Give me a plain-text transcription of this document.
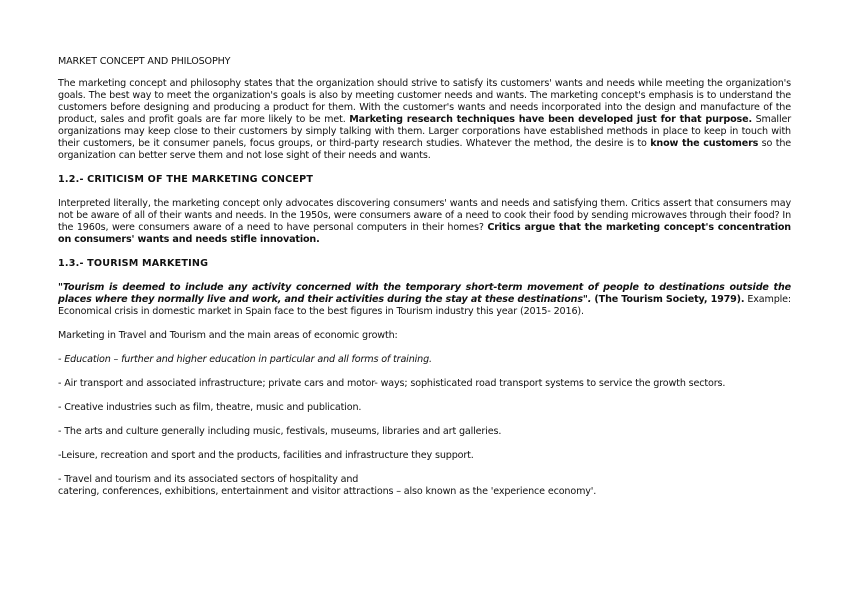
MARKET CONCEPT AND PHILOSOPHY

The marketing concept and philosophy states that the organization should strive to satisfy its customers' wants and needs while meeting the organization's goals. The best way to meet the organization's goals is also by meeting customer needs and wants. The marketing concept's emphasis is to understand the customers before designing and producing a product for them. With the customer's wants and needs incorporated into the design and manufacture of the product, sales and profit goals are far more likely to be met. Marketing research techniques have been developed just for that purpose. Smaller organizations may keep close to their customers by simply talking with them. Larger corporations have established methods in place to keep in touch with their customers, be it consumer panels, focus groups, or third-party research studies. Whatever the method, the desire is to know the customers so the organization can better serve them and not lose sight of their needs and wants.

1.2.- CRITICISM OF THE MARKETING CONCEPT

Interpreted literally, the marketing concept only advocates discovering consumers' wants and needs and satisfying them. Critics assert that consumers may not be aware of all of their wants and needs. In the 1950s, were consumers aware of a need to cook their food by sending microwaves through their food? In the 1960s, were consumers aware of a need to have personal computers in their homes? Critics argue that the marketing concept's concentration on consumers' wants and needs stifle innovation.

1.3.- TOURISM MARKETING

"Tourism is deemed to include any activity concerned with the temporary short-term movement of people to destinations outside the places where they normally live and work, and their activities during the stay at these destinations". (The Tourism Society, 1979). Example: Economical crisis in domestic market in Spain face to the best figures in Tourism industry this year (2015- 2016).

Marketing in Travel and Tourism and the main areas of economic growth:

- Education – further and higher education in particular and all forms of training.

- Air transport and associated infrastructure; private cars and motor- ways; sophisticated road transport systems to service the growth sectors.

- Creative industries such as film, theatre, music and publication.

- The arts and culture generally including music, festivals, museums, libraries and art galleries.

-Leisure, recreation and sport and the products, facilities and infrastructure they support.

- Travel and tourism and its associated sectors of hospitality and
catering, conferences, exhibitions, entertainment and visitor attractions – also known as the 'experience economy'.
